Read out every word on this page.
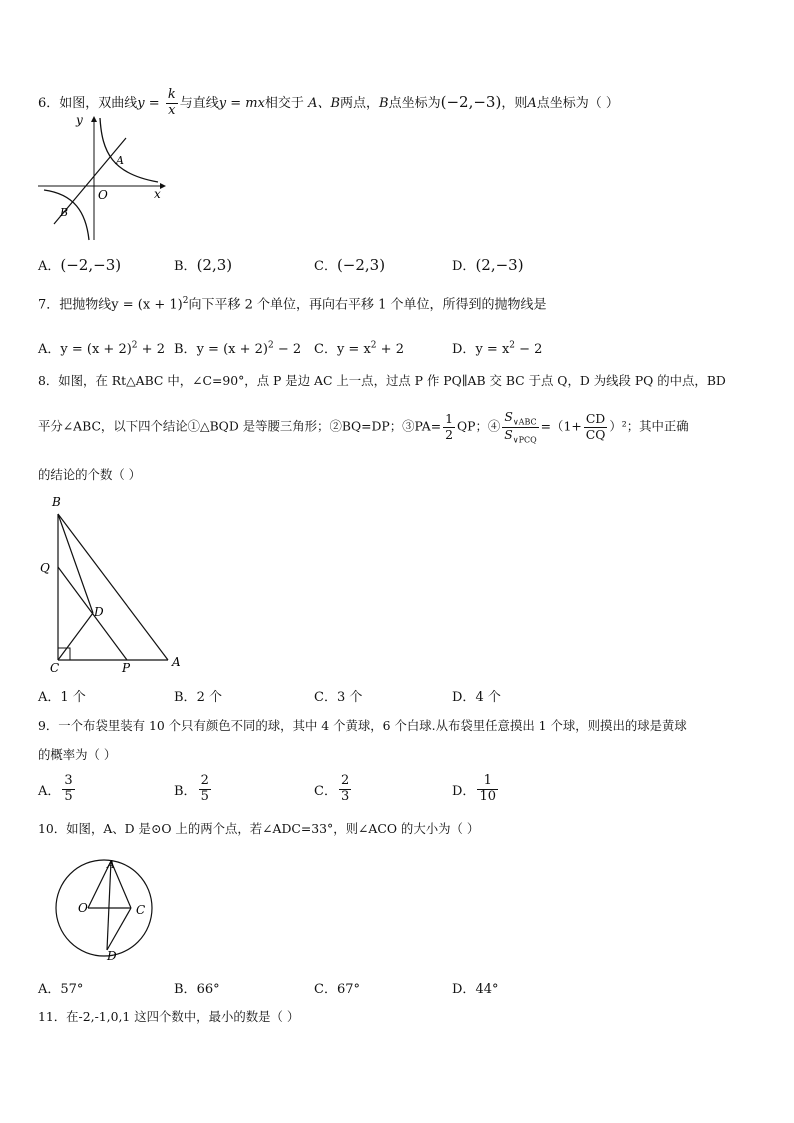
6．如图，双曲线$y = \frac{k}{x}$ 与直线y = mx相交于 A、B两点，B点坐标为(−2,−3)，则A点坐标为（ ）
y
x
O
A
B
A．(−2,−3)	B．(2,3)	C．(−2,3)	D．(2,−3)
7．把抛物线$y = (x + 1)^2$向下平移 2 个单位，再向右平移 1 个单位，所得到的抛物线是
A．$y = (x + 2)^2 + 2$ B．$y = (x + 2)^2 - 2$ C．$y = x^2 + 2$	D．$y = x^2 - 2$
8．如图，在 Rt△ABC 中，∠C=90°，点 P 是边 AC 上一点，过点 P 作 PQ∥AB 交 BC 于点 Q，D 为线段 PQ 的中点，BD
平分∠ABC，以下四个结论①△BQD 是等腰三角形；②BQ=DP；③PA= $\frac{1}{2}$ QP；④ $\frac{S_{\vee ABC}}{S_{\vee PCQ}} =(1+ \frac{CD}{CQ} )^2$；其中正确
的结论的个数（ ）
B
Q
D
C	P	A
A．1 个	B．2 个	C．3 个	D．4 个
9．一个布袋里装有 10 个只有颜色不同的球，其中 4 个黄球，6 个白球.从布袋里任意摸出 1 个球，则摸出的球是黄球
的概率为（ ）
A． $\frac{3}{5}$	B． $\frac{2}{5}$	C． $\frac{2}{3}$	D． $\frac{1}{10}$
10．如图，A、D 是⊙O 上的两个点，若∠ADC=33°，则∠ACO 的大小为（ ）
A
O	C
D
A．57°	B．66°	C．67°	D．44°
11．在-2,-1,0,1 这四个数中，最小的数是（ ）
